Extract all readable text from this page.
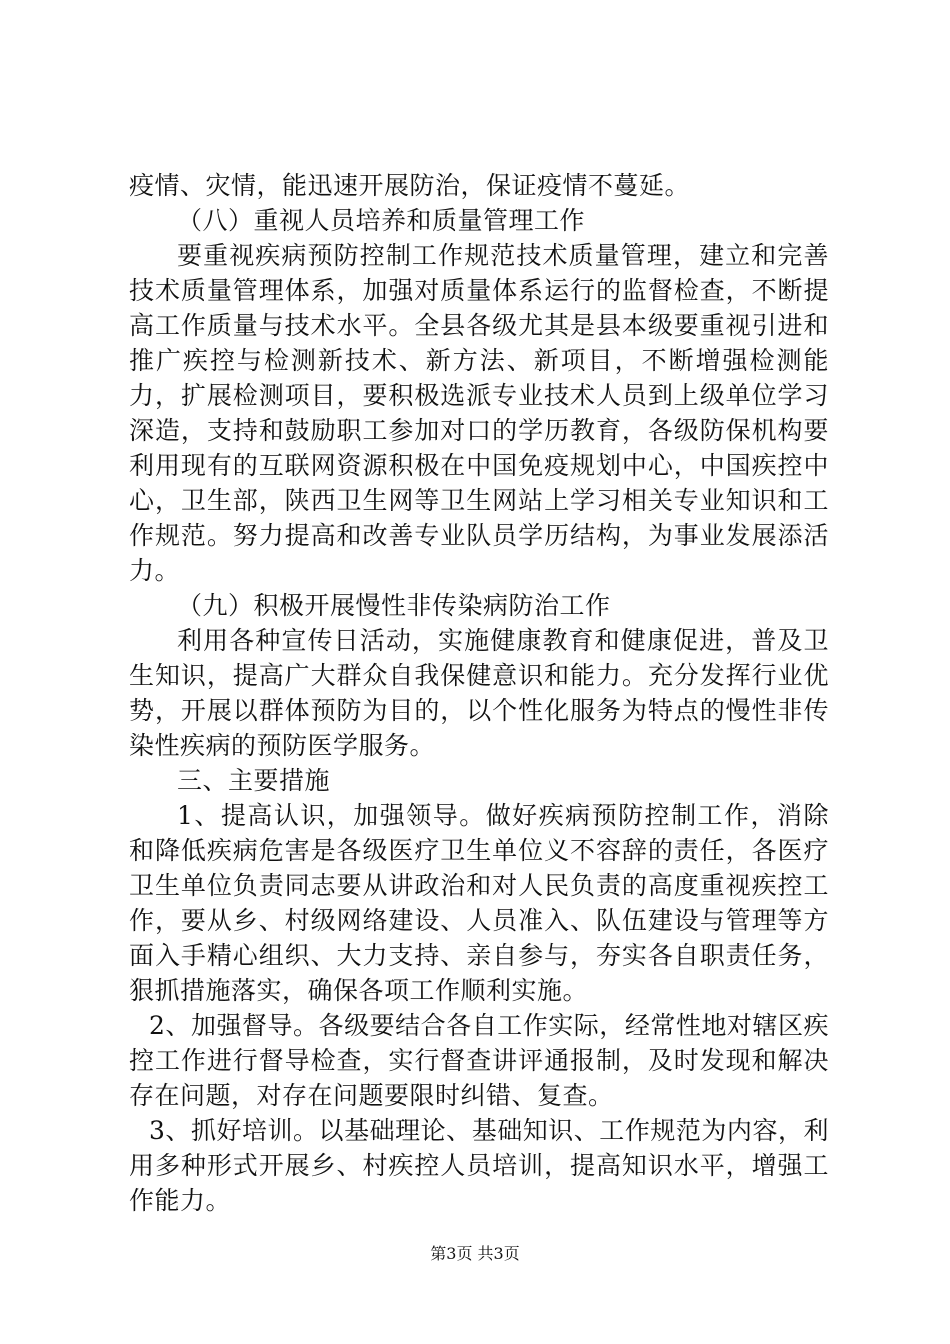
疫情、灾情，能迅速开展防治，保证疫情不蔓延。

（八）重视人员培养和质量管理工作

要重视疾病预防控制工作规范技术质量管理，建立和完善技术质量管理体系，加强对质量体系运行的监督检查，不断提高工作质量与技术水平。全县各级尤其是县本级要重视引进和推广疾控与检测新技术、新方法、新项目，不断增强检测能力，扩展检测项目，要积极选派专业技术人员到上级单位学习深造，支持和鼓励职工参加对口的学历教育，各级防保机构要利用现有的互联网资源积极在中国免疫规划中心，中国疾控中心，卫生部，陕西卫生网等卫生网站上学习相关专业知识和工作规范。努力提高和改善专业队员学历结构，为事业发展添活力。

（九）积极开展慢性非传染病防治工作

利用各种宣传日活动，实施健康教育和健康促进，普及卫生知识，提高广大群众自我保健意识和能力。充分发挥行业优势，开展以群体预防为目的，以个性化服务为特点的慢性非传染性疾病的预防医学服务。

三、主要措施

1、提高认识，加强领导。做好疾病预防控制工作，消除和降低疾病危害是各级医疗卫生单位义不容辞的责任，各医疗卫生单位负责同志要从讲政治和对人民负责的高度重视疾控工作，要从乡、村级网络建设、人员准入、队伍建设与管理等方面入手精心组织、大力支持、亲自参与，夯实各自职责任务，狠抓措施落实，确保各项工作顺利实施。

2、加强督导。各级要结合各自工作实际，经常性地对辖区疾控工作进行督导检查，实行督查讲评通报制，及时发现和解决存在问题，对存在问题要限时纠错、复查。

3、抓好培训。以基础理论、基础知识、工作规范为内容，利用多种形式开展乡、村疾控人员培训，提高知识水平，增强工作能力。

第3页 共3页
